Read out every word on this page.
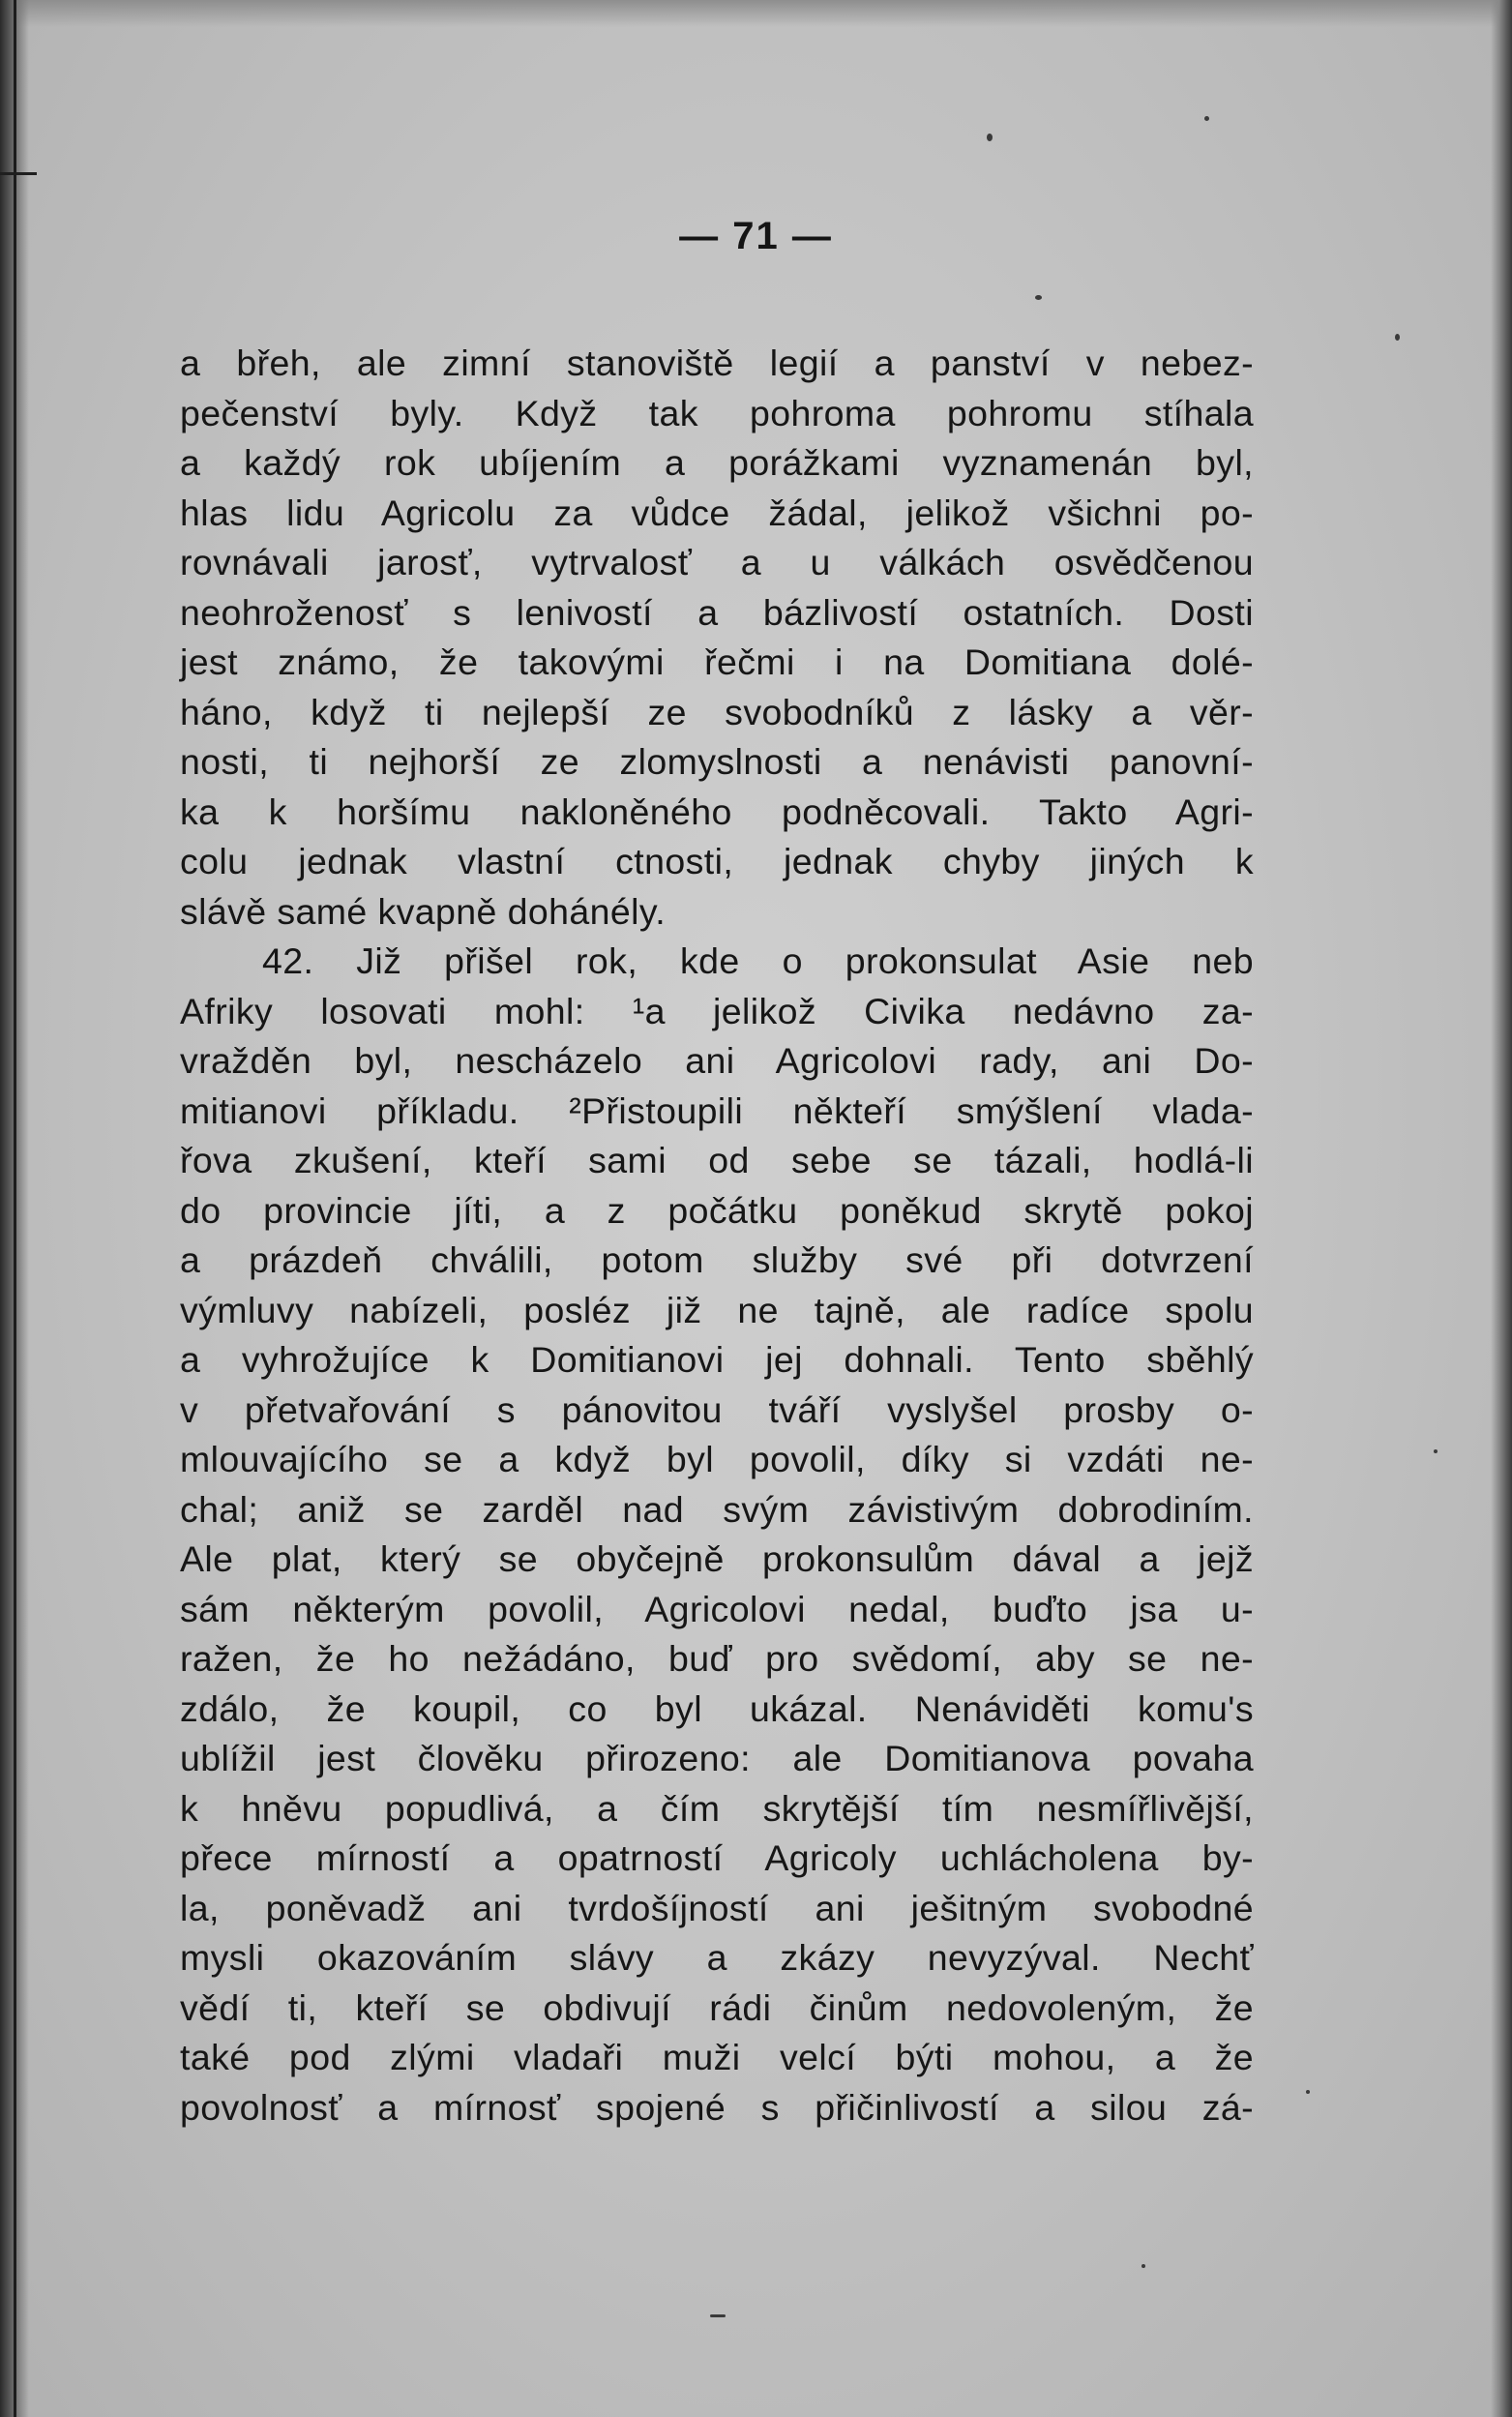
— 71 —
a břeh, ale zimní stanoviště legií a panství v nebez-
pečenství byly. Když tak pohroma pohromu stíhala
a každý rok ubíjením a porážkami vyznamenán byl,
hlas lidu Agricolu za vůdce žádal, jelikož všichni po-
rovnávali jarosť, vytrvalosť a u válkách osvědčenou
neohroženosť s lenivostí a bázlivostí ostatních. Dosti
jest známo, že takovými řečmi i na Domitiana dolé-
háno, když ti nejlepší ze svobodníků z lásky a věr-
nosti, ti nejhorší ze zlomyslnosti a nenávisti panovní-
ka k horšímu nakloněného podněcovali. Takto Agri-
colu jednak vlastní ctnosti, jednak chyby jiných k
slávě samé kvapně dohánély.
42. Již přišel rok, kde o prokonsulat Asie neb
Afriky losovati mohl: ¹a jelikož Civika nedávno za-
vražděn byl, nescházelo ani Agricolovi rady, ani Do-
mitianovi příkladu. ²Přistoupili někteří smýšlení vlada-
řova zkušení, kteří sami od sebe se tázali, hodlá-li
do provincie jíti, a z počátku poněkud skrytě pokoj
a prázdeň chválili, potom služby své při dotvrzení
výmluvy nabízeli, posléz již ne tajně, ale radíce spolu
a vyhrožujíce k Domitianovi jej dohnali. Tento sběhlý
v přetvařování s pánovitou tváří vyslyšel prosby o-
mlouvajícího se a když byl povolil, díky si vzdáti ne-
chal; aniž se zarděl nad svým závistivým dobrodiním.
Ale plat, který se obyčejně prokonsulům dával a jejž
sám některým povolil, Agricolovi nedal, buďto jsa u-
ražen, že ho nežádáno, buď pro svědomí, aby se ne-
zdálo, že koupil, co byl ukázal. Nenáviděti komu's
ublížil jest člověku přirozeno: ale Domitianova povaha
k hněvu popudlivá, a čím skrytější tím nesmířlivější,
přece mírností a opatrností Agricoly uchlácholena by-
la, poněvadž ani tvrdošíjností ani ješitným svobodné
mysli okazováním slávy a zkázy nevyzýval. Nechť
vědí ti, kteří se obdivují rádi činům nedovoleným, že
také pod zlými vladaři muži velcí býti mohou, a že
povolnosť a mírnosť spojené s přičinlivostí a silou zá-
